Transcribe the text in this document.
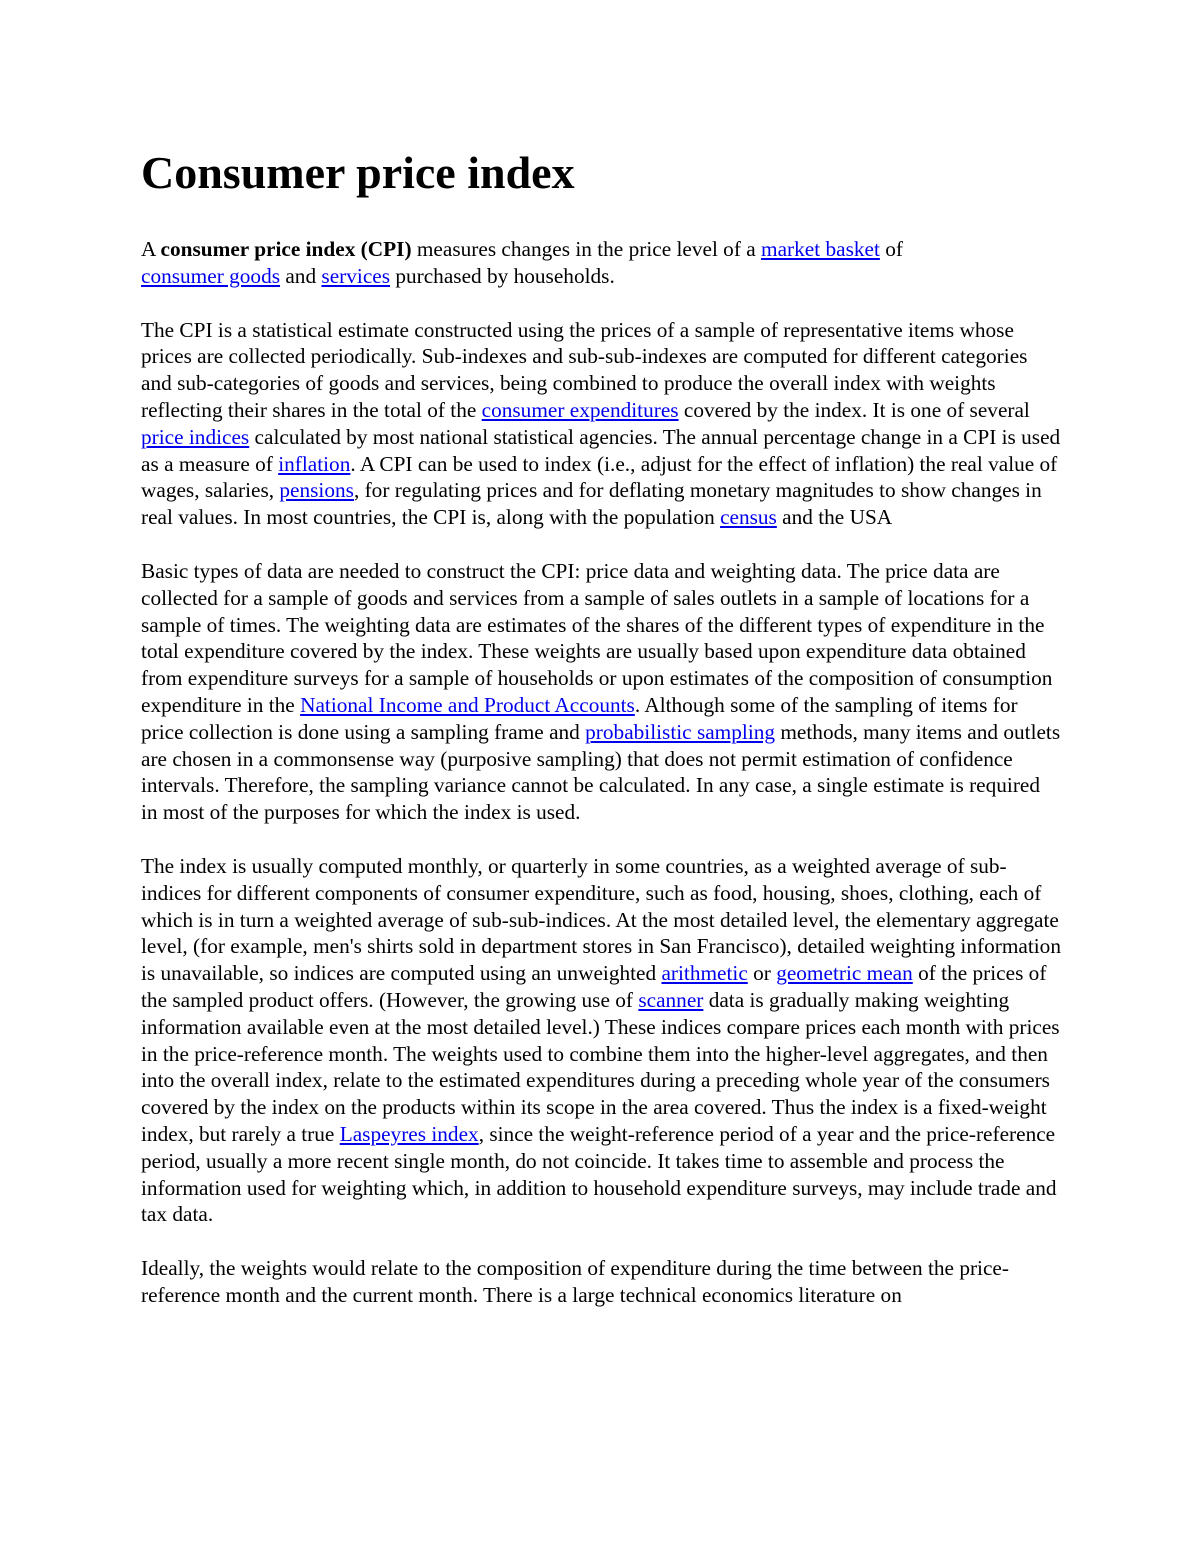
Consumer price index

A consumer price index (CPI) measures changes in the price level of a market basket of
consumer goods and services purchased by households.

The CPI is a statistical estimate constructed using the prices of a sample of representative items whose prices are collected periodically. Sub-indexes and sub-sub-indexes are computed for different categories and sub-categories of goods and services, being combined to produce the overall index with weights reflecting their shares in the total of the consumer expenditures covered by the index. It is one of several price indices calculated by most national statistical agencies. The annual percentage change in a CPI is used as a measure of inflation. A CPI can be used to index (i.e., adjust for the effect of inflation) the real value of wages, salaries, pensions, for regulating prices and for deflating monetary magnitudes to show changes in real values. In most countries, the CPI is, along with the population census and the USA

Basic types of data are needed to construct the CPI: price data and weighting data. The price data are collected for a sample of goods and services from a sample of sales outlets in a sample of locations for a sample of times. The weighting data are estimates of the shares of the different types of expenditure in the total expenditure covered by the index. These weights are usually based upon expenditure data obtained from expenditure surveys for a sample of households or upon estimates of the composition of consumption expenditure in the National Income and Product Accounts. Although some of the sampling of items for price collection is done using a sampling frame and probabilistic sampling methods, many items and outlets are chosen in a commonsense way (purposive sampling) that does not permit estimation of confidence intervals. Therefore, the sampling variance cannot be calculated. In any case, a single estimate is required in most of the purposes for which the index is used.

The index is usually computed monthly, or quarterly in some countries, as a weighted average of sub-indices for different components of consumer expenditure, such as food, housing, shoes, clothing, each of which is in turn a weighted average of sub-sub-indices. At the most detailed level, the elementary aggregate level, (for example, men's shirts sold in department stores in San Francisco), detailed weighting information is unavailable, so indices are computed using an unweighted arithmetic or geometric mean of the prices of the sampled product offers. (However, the growing use of scanner data is gradually making weighting information available even at the most detailed level.) These indices compare prices each month with prices in the price-reference month. The weights used to combine them into the higher-level aggregates, and then into the overall index, relate to the estimated expenditures during a preceding whole year of the consumers covered by the index on the products within its scope in the area covered. Thus the index is a fixed-weight index, but rarely a true Laspeyres index, since the weight-reference period of a year and the price-reference period, usually a more recent single month, do not coincide. It takes time to assemble and process the information used for weighting which, in addition to household expenditure surveys, may include trade and tax data.

Ideally, the weights would relate to the composition of expenditure during the time between the price-reference month and the current month. There is a large technical economics literature on
